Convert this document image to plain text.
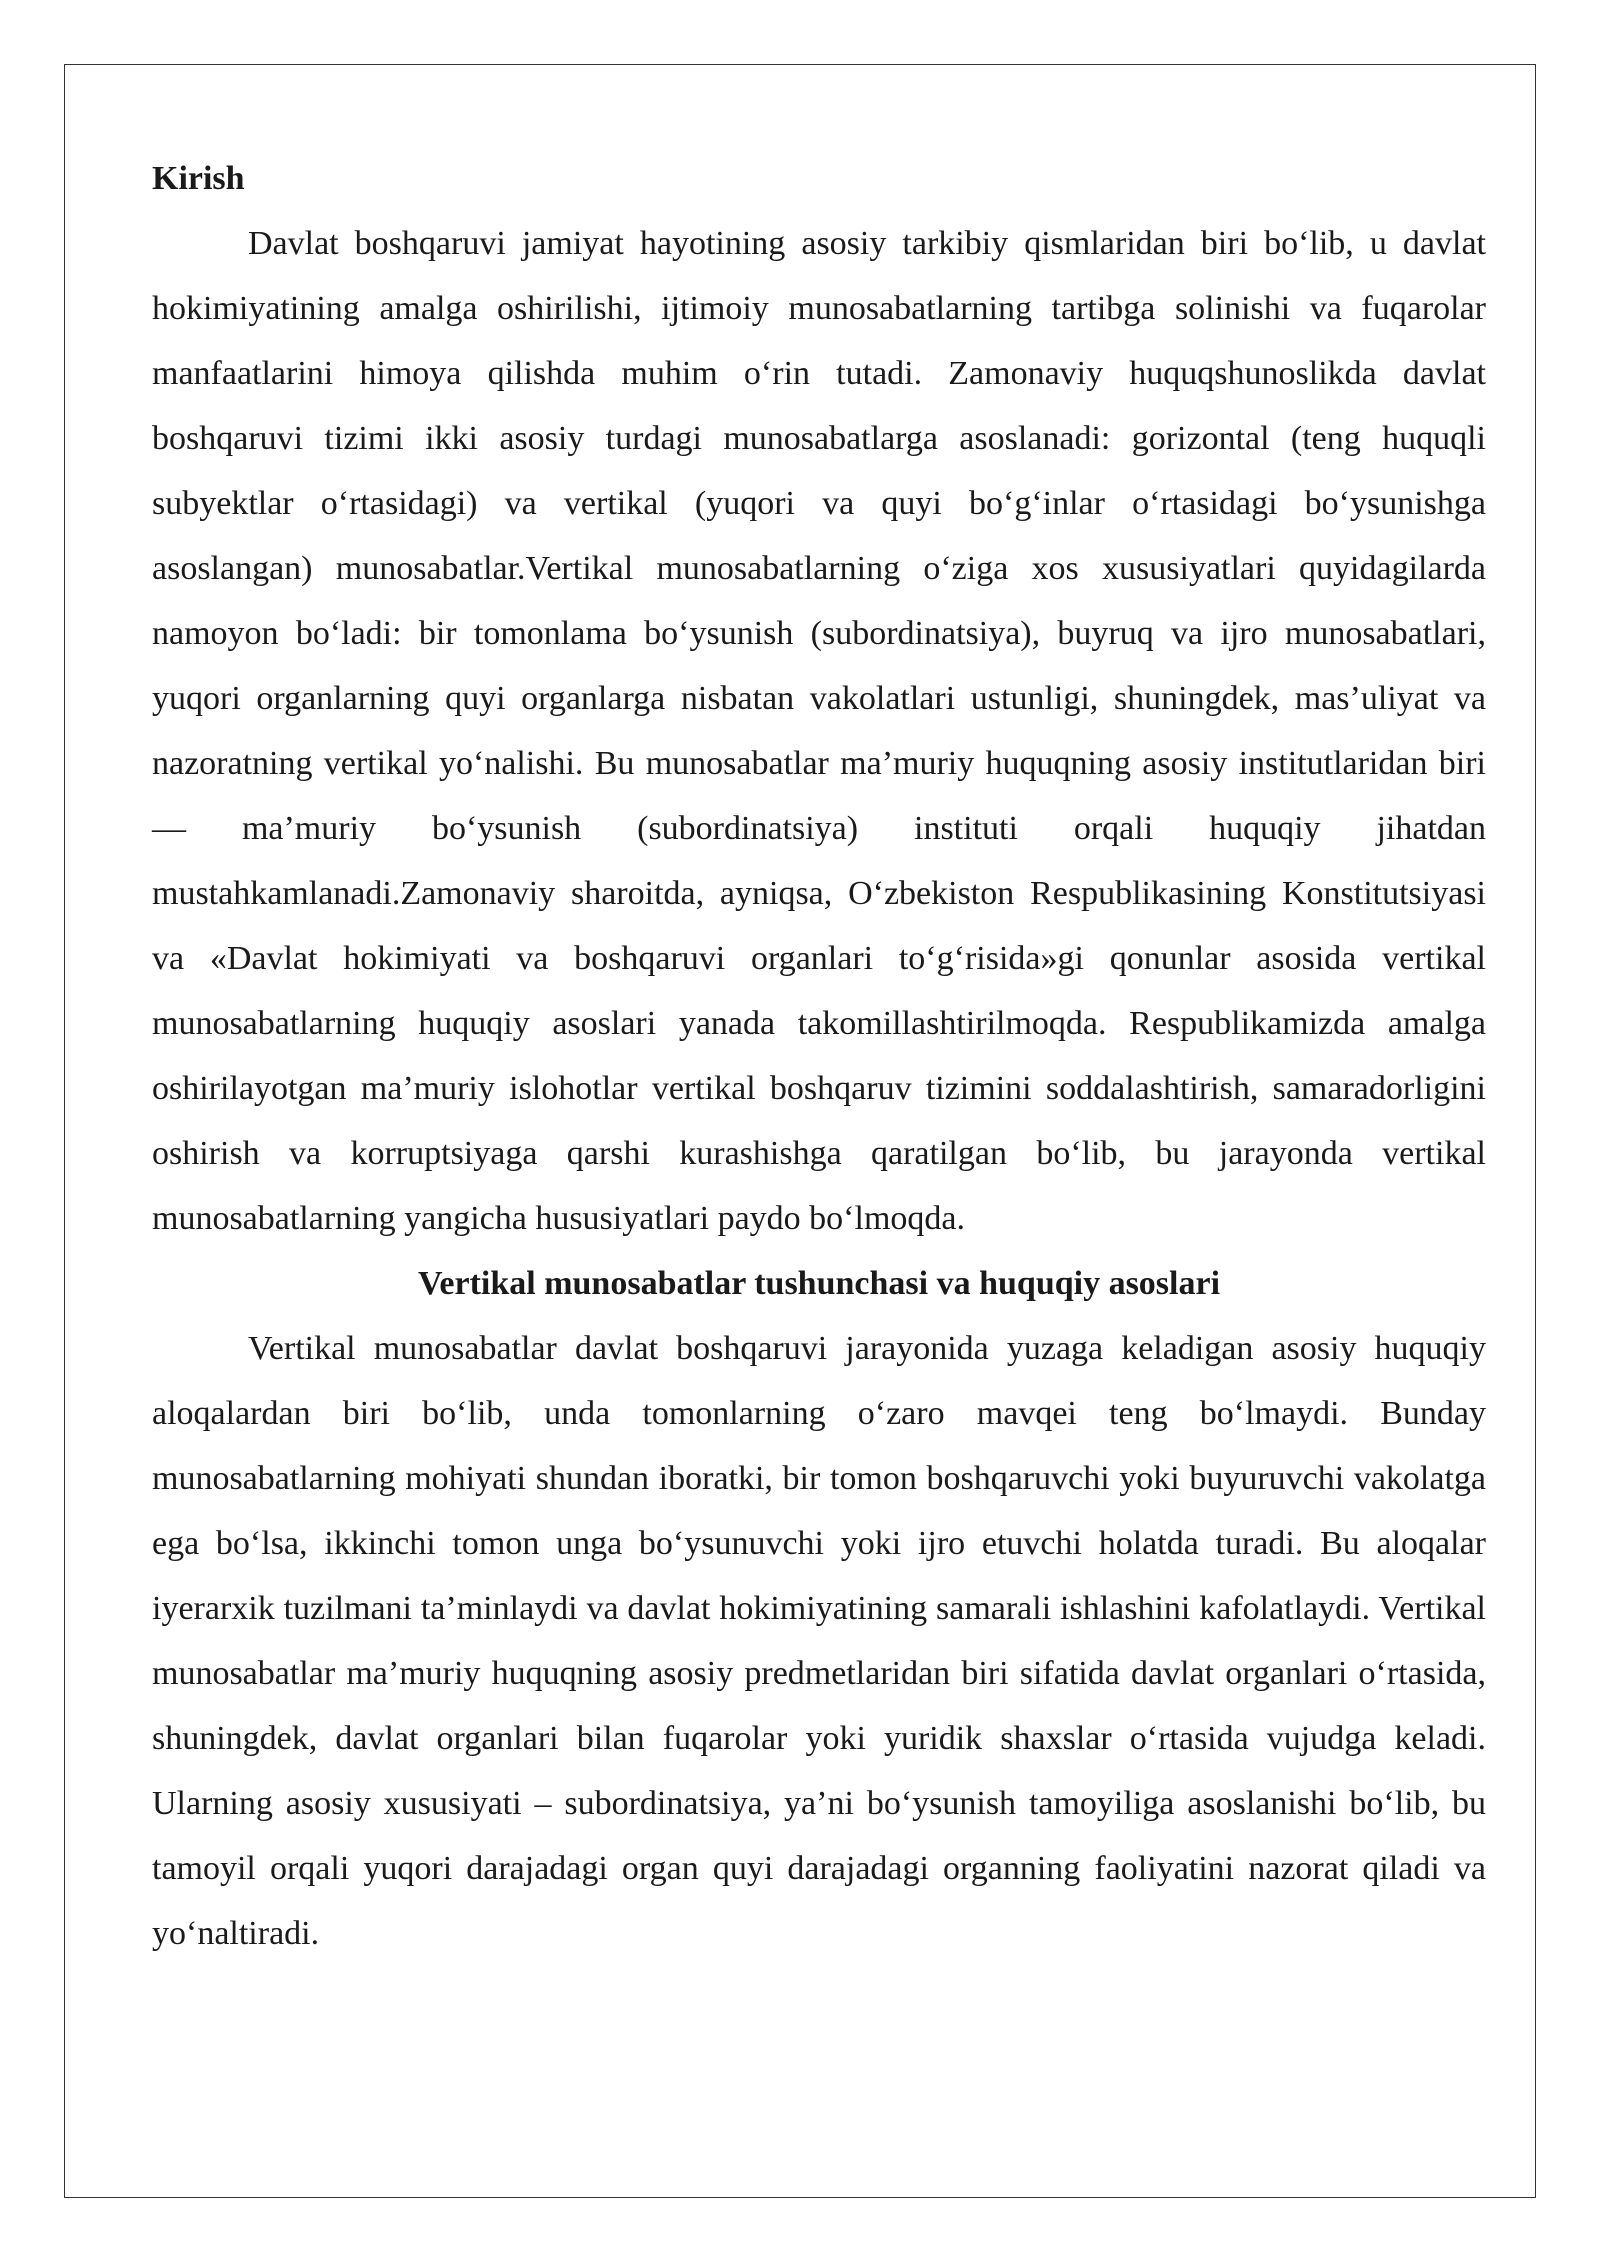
Kirish

Davlat boshqaruvi jamiyat hayotining asosiy tarkibiy qismlaridan biri boʻlib, u davlat hokimiyatining amalga oshirilishi, ijtimoiy munosabatlarning tartibga solinishi va fuqarolar manfaatlarini himoya qilishda muhim oʻrin tutadi. Zamonaviy huquqshunoslikda davlat boshqaruvi tizimi ikki asosiy turdagi munosabatlarga asoslanadi: gorizontal (teng huquqli subyektlar oʻrtasidagi) va vertikal (yuqori va quyi boʻgʻinlar oʻrtasidagi boʻysunishga asoslangan) munosabatlar.Vertikal munosabatlarning oʻziga xos xususiyatlari quyidagilarda namoyon boʻladi: bir tomonlama boʻysunish (subordinatsiya), buyruq va ijro munosabatlari, yuqori organlarning quyi organlarga nisbatan vakolatlari ustunligi, shuningdek, mas’uliyat va nazoratning vertikal yoʻnalishi. Bu munosabatlar ma’muriy huquqning asosiy institutlaridan biri — ma’muriy boʻysunish (subordinatsiya) instituti orqali huquqiy jihatdan mustahkamlanadi.Zamonaviy sharoitda, ayniqsa, Oʻzbekiston Respublikasining Konstitutsiyasi va «Davlat hokimiyati va boshqaruvi organlari toʻgʻrisida»gi qonunlar asosida vertikal munosabatlarning huquqiy asoslari yanada takomillashtirilmoqda. Respublikamizda amalga oshirilayotgan ma’muriy islohotlar vertikal boshqaruv tizimini soddalashtirish, samaradorligini oshirish va korruptsiyaga qarshi kurashishga qaratilgan boʻlib, bu jarayonda vertikal munosabatlarning yangicha hususiyatlari paydo boʻlmoqda.

Vertikal munosabatlar tushunchasi va huquqiy asoslari

Vertikal munosabatlar davlat boshqaruvi jarayonida yuzaga keladigan asosiy huquqiy aloqalardan biri boʻlib, unda tomonlarning oʻzaro mavqei teng boʻlmaydi. Bunday munosabatlarning mohiyati shundan iboratki, bir tomon boshqaruvchi yoki buyuruvchi vakolatga ega boʻlsa, ikkinchi tomon unga boʻysunuvchi yoki ijro etuvchi holatda turadi. Bu aloqalar iyerarxik tuzilmani ta’minlaydi va davlat hokimiyatining samarali ishlashini kafolatlaydi. Vertikal munosabatlar ma’muriy huquqning asosiy predmetlaridan biri sifatida davlat organlari oʻrtasida, shuningdek, davlat organlari bilan fuqarolar yoki yuridik shaxslar oʻrtasida vujudga keladi. Ularning asosiy xususiyati – subordinatsiya, ya’ni boʻysunish tamoyiliga asoslanishi boʻlib, bu tamoyil orqali yuqori darajadagi organ quyi darajadagi organning faoliyatini nazorat qiladi va yoʻnaltiradi.
